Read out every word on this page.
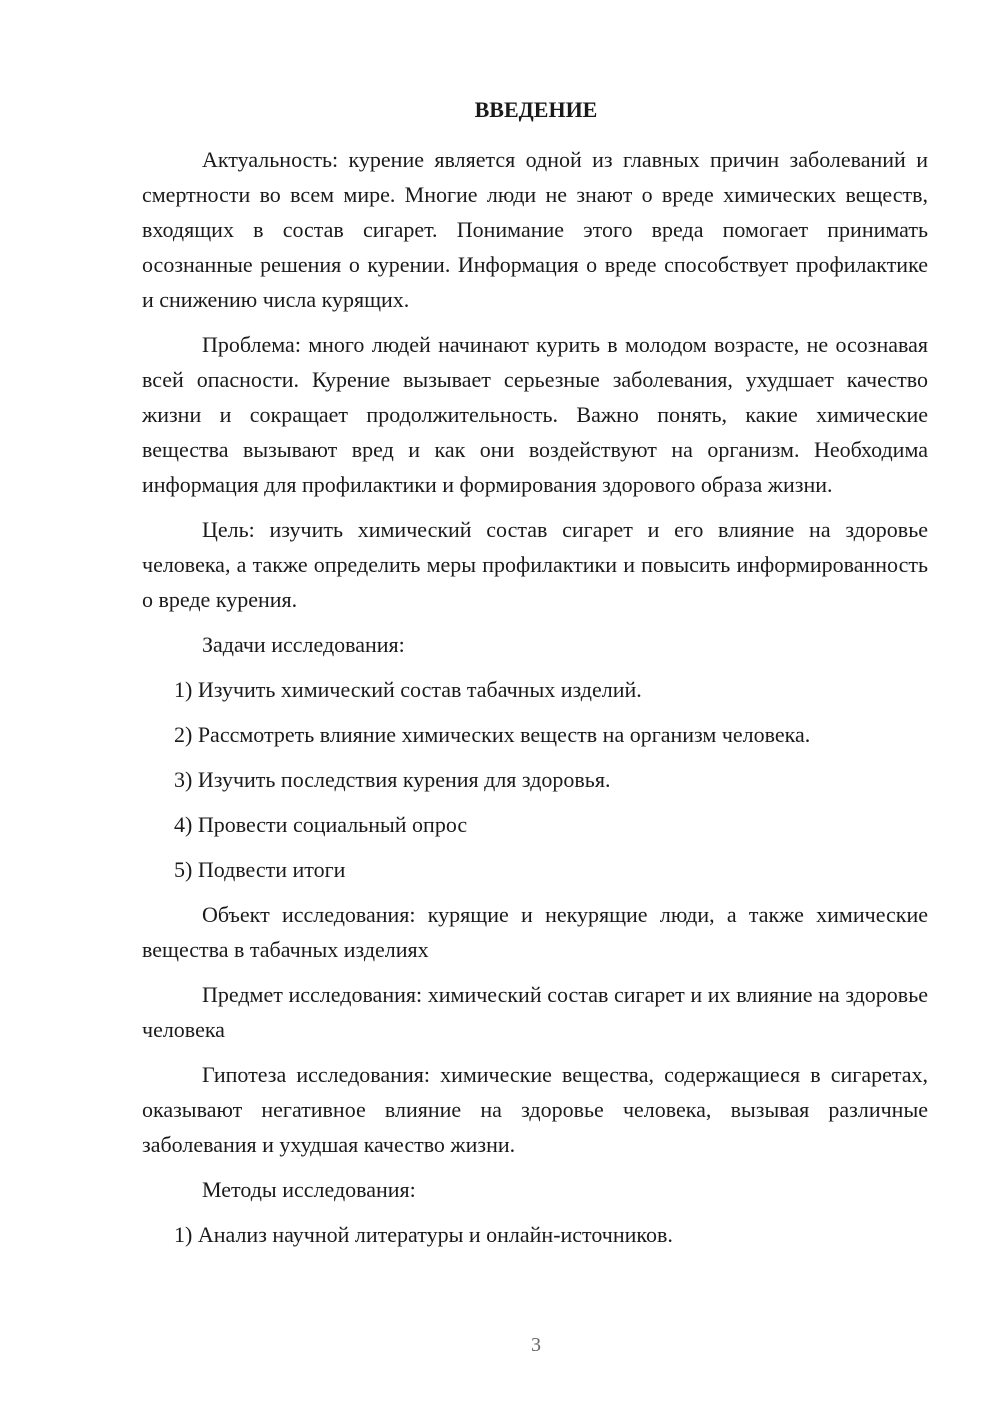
ВВЕДЕНИЕ

Актуальность: курение является одной из главных причин заболеваний и смертности во всем мире. Многие люди не знают о вреде химических веществ, входящих в состав сигарет. Понимание этого вреда помогает принимать осознанные решения о курении. Информация о вреде способствует профилактике и снижению числа курящих.

Проблема: много людей начинают курить в молодом возрасте, не осознавая всей опасности. Курение вызывает серьезные заболевания, ухудшает качество жизни и сокращает продолжительность. Важно понять, какие химические вещества вызывают вред и как они воздействуют на организм. Необходима информация для профилактики и формирования здорового образа жизни.

Цель: изучить химический состав сигарет и его влияние на здоровье человека, а также определить меры профилактики и повысить информированность о вреде курения.

Задачи исследования:

1) Изучить химический состав табачных изделий.

2) Рассмотреть влияние химических веществ на организм человека.

3) Изучить последствия курения для здоровья.

4) Провести социальный опрос

5) Подвести итоги

Объект исследования: курящие и некурящие люди, а также химические вещества в табачных изделиях

Предмет исследования: химический состав сигарет и их влияние на здоровье человека

Гипотеза исследования: химические вещества, содержащиеся в сигаретах, оказывают негативное влияние на здоровье человека, вызывая различные заболевания и ухудшая качество жизни.

Методы исследования:

1) Анализ научной литературы и онлайн-источников.

3
